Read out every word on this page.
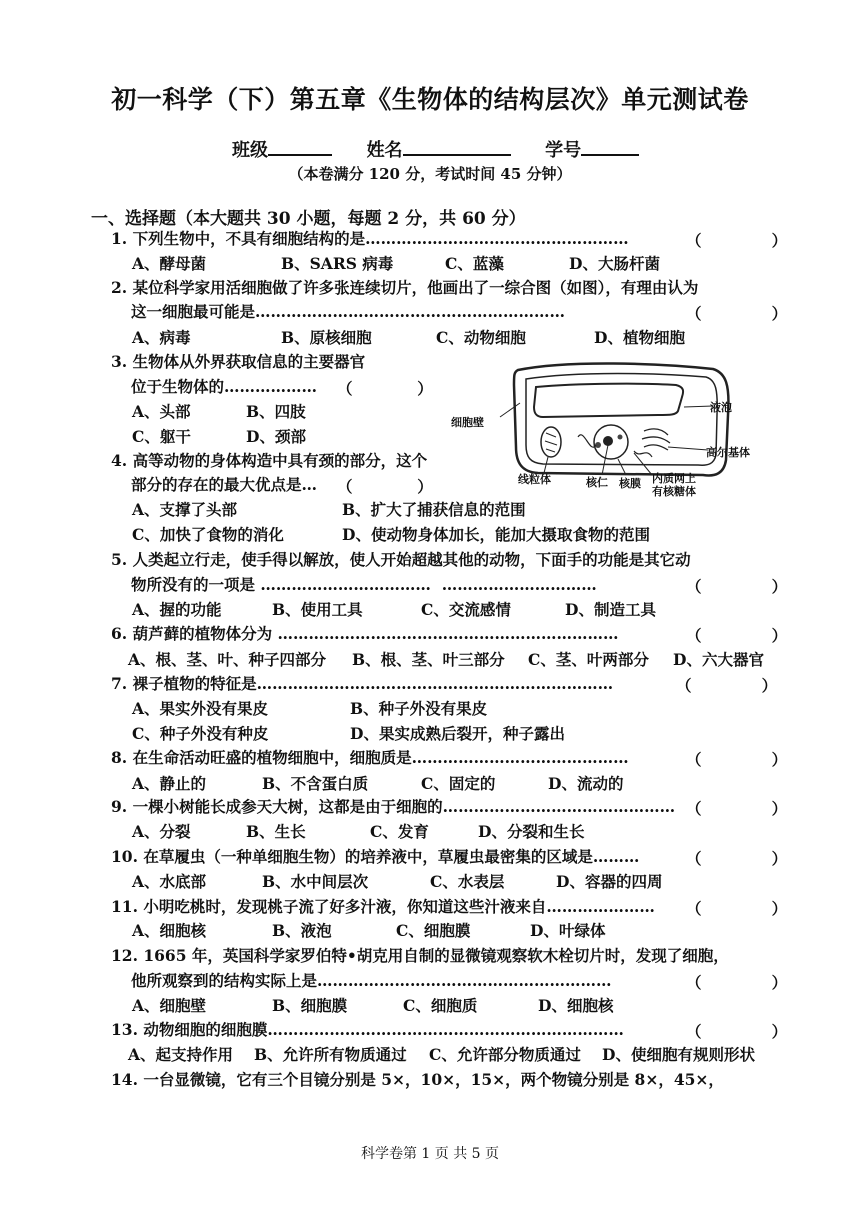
初一科学（下）第五章《生物体的结构层次》单元测试卷
班级	姓名	学号
（本卷满分 120 分，考试时间 45 分钟）
一、选择题（本大题共 30 小题，每题 2 分，共 60 分）
1. 下列生物中，不具有细胞结构的是……………………………………………	（             ）
A、酵母菌	B、SARS 病毒	C、蓝藻	D、大肠杆菌
2. 某位科学家用活细胞做了许多张连续切片，他画出了一综合图（如图），有理由认为
这一细胞最可能是……………………………………………………	（             ）
A、病毒	B、原核细胞	C、动物细胞	D、植物细胞
3. 生物体从外界获取信息的主要器官
位于生物体的……………… （            ）
A、头部	B、四肢
C、躯干	D、颈部
细胞壁
液泡
高尔基体
线粒体	核仁 核膜 内质网上
有核糖体
4. 高等动物的身体构造中具有颈的部分，这个
部分的存在的最大优点是… （            ）
A、支撑了头部	B、扩大了捕获信息的范围
C、加快了食物的消化	D、使动物身体加长，能加大摄取食物的范围
5. 人类起立行走，使手得以解放，使人开始超越其他的动物，下面手的功能是其它动
物所没有的一项是 ……………………………  …………………………	（             ）
A、握的功能	B、使用工具	C、交流感情	D、制造工具
6. 葫芦藓的植物体分为 …………………………………………………………	（             ）
A、根、茎、叶、种子四部分 B、根、茎、叶三部分 C、茎、叶两部分 D、六大器官
7. 裸子植物的特征是……………………………………………………………	（             ）
A、果实外没有果皮	B、种子外没有果皮
C、种子外没有种皮	D、果实成熟后裂开，种子露出
8. 在生命活动旺盛的植物细胞中，细胞质是……………………………………	（             ）
A、静止的	B、不含蛋白质	C、固定的	D、流动的
9. 一棵小树能长成参天大树，这都是由于细胞的……………………………………… （             ）
A、分裂	B、生长	C、发育	D、分裂和生长
10. 在草履虫（一种单细胞生物）的培养液中，草履虫最密集的区域是………	（             ）
A、水底部	B、水中间层次	C、水表层	D、容器的四周
11. 小明吃桃时，发现桃子流了好多汁液，你知道这些汁液来自………………… （             ）
A、细胞核	B、液泡	C、细胞膜	D、叶绿体
12. 1665 年，英国科学家罗伯特•胡克用自制的显微镜观察软木栓切片时，发现了细胞，
他所观察到的结构实际上是…………………………………………………	（             ）
A、细胞壁	B、细胞膜	C、细胞质	D、细胞核
13. 动物细胞的细胞膜……………………………………………………………	（             ）
A、起支持作用 B、允许所有物质通过 C、允许部分物质通过 D、使细胞有规则形状
14. 一台显微镜，它有三个目镜分别是 5×，10×，15×，两个物镜分别是 8×，45×，
科学卷第 1 页 共 5 页
